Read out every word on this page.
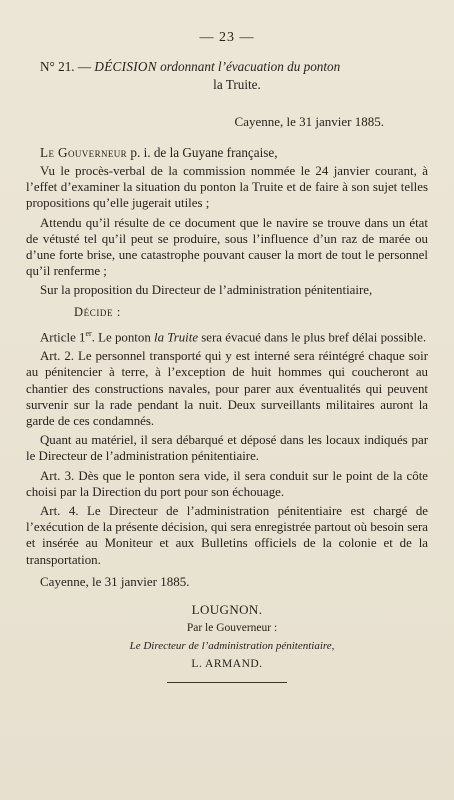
— 23 —
N° 21. — DÉCISION ordonnant l’évacuation du ponton
la Truite.
Cayenne, le 31 janvier 1885.
Le Gouverneur p. i. de la Guyane française,

Vu le procès-verbal de la commission nommée le 24 janvier courant, à l’effet d’examiner la situation du ponton la Truite et de faire à son sujet telles propositions qu’elle jugerait utiles ;

Attendu qu’il résulte de ce document que le navire se trouve dans un état de vétusté tel qu’il peut se produire, sous l’influence d’un raz de marée ou d’une forte brise, une catastrophe pouvant causer la mort de tout le personnel qu’il renferme ;

Sur la proposition du Directeur de l’administration pénitentiaire,

Décide :

Article 1er. Le ponton la Truite sera évacué dans le plus bref délai possible.

Art. 2. Le personnel transporté qui y est interné sera réintégré chaque soir au pénitencier à terre, à l’exception de huit hommes qui coucheront au chantier des constructions navales, pour parer aux éventualités qui peuvent survenir sur la rade pendant la nuit. Deux surveillants militaires auront la garde de ces condamnés.

Quant au matériel, il sera débarqué et déposé dans les locaux indiqués par le Directeur de l’administration pénitentiaire.

Art. 3. Dès que le ponton sera vide, il sera conduit sur le point de la côte choisi par la Direction du port pour son échouage.

Art. 4. Le Directeur de l’administration pénitentiaire est chargé de l’exécution de la présente décision, qui sera enregistrée partout où besoin sera et insérée au Moniteur et aux Bulletins officiels de la colonie et de la transportation.

Cayenne, le 31 janvier 1885.
LOUGNON.
Par le Gouverneur :
Le Directeur de l’administration pénitentiaire,
L. ARMAND.
